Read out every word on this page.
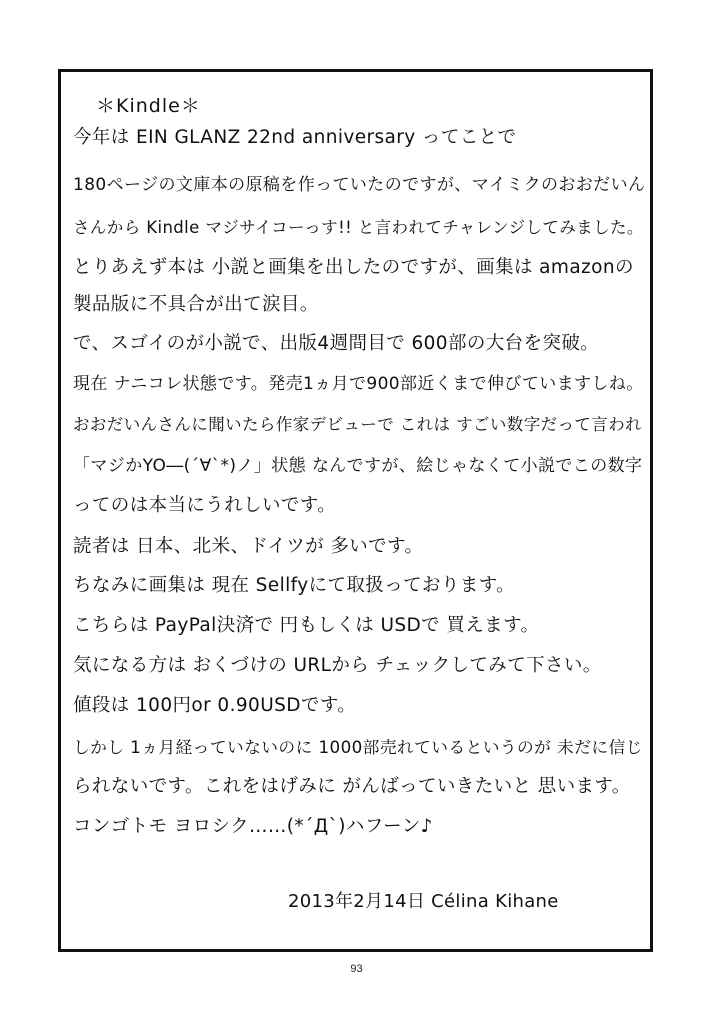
＊Kindle＊
今年は EIN GLANZ 22nd anniversary ってことで
180ページの文庫本の原稿を作っていたのですが、マイミクのおおだいん
さんから Kindle マジサイコーっす!! と言われてチャレンジしてみました。
とりあえず本は 小説と画集を出したのですが、画集は amazonの
製品版に不具合が出て涙目。
で、スゴイのが小説で、出版4週間目で 600部の大台を突破。
現在 ナニコレ状態です。発売1ヵ月で900部近くまで伸びていますしね。
おおだいんさんに聞いたら作家デビューで これは すごい数字だって言われ
「マジかYO―(´∀`*)ノ」状態 なんですが、絵じゃなくて小説でこの数字
ってのは本当にうれしいです。
読者は 日本、北米、ドイツが 多いです。
ちなみに画集は 現在 Sellfyにて取扱っております。
こちらは PayPal決済で 円もしくは USDで 買えます。
気になる方は おくづけの URLから チェックしてみて下さい。
値段は 100円or 0.90USDです。
しかし 1ヵ月経っていないのに 1000部売れているというのが 未だに信じ
られないです。これをはげみに がんばっていきたいと 思います。
コンゴトモ ヨロシク……(*´Д`)ハフーン♪
2013年2月14日 Célina Kihane
93
